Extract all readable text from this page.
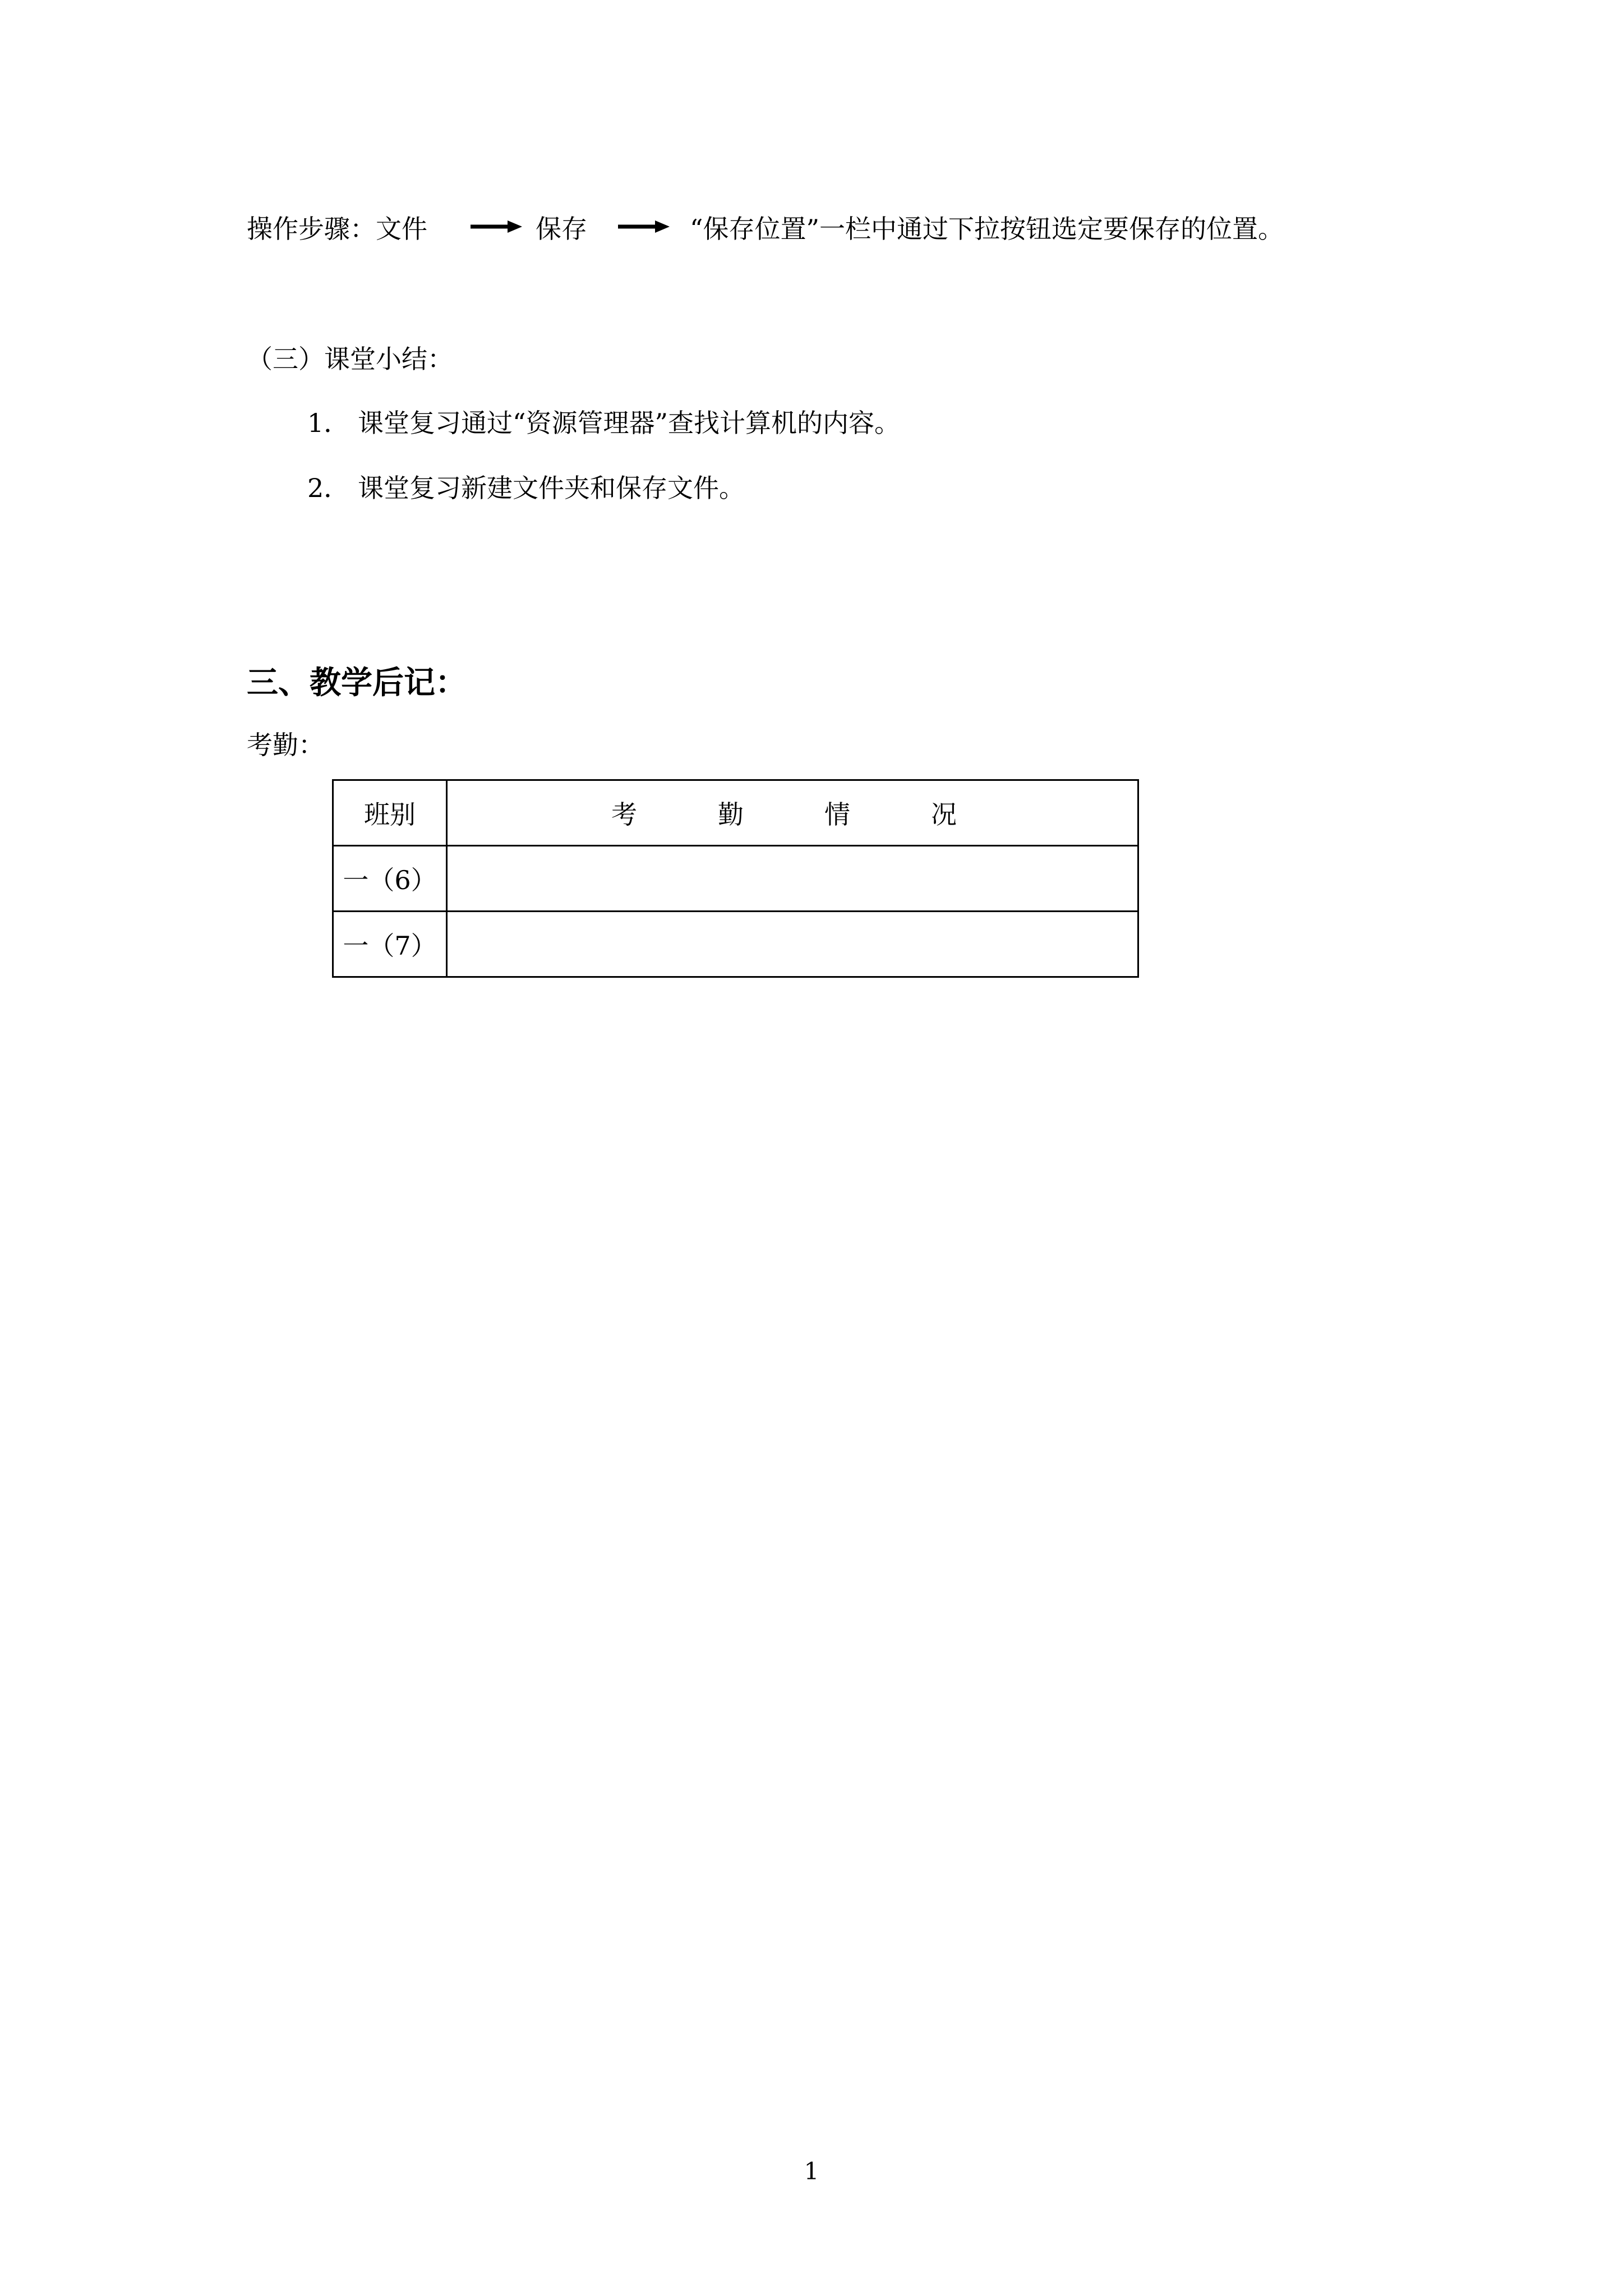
操作步骤：文件	保存	“保存位置”一栏中通过下拉按钮选定要保存的位置。
（三）课堂小结：
1． 课堂复习通过“资源管理器”查找计算机的内容。
2． 课堂复习新建文件夹和保存文件。
三、教学后记：
考勤：
班别	考 勤 情 况

一（6）	
一（7）	
1
